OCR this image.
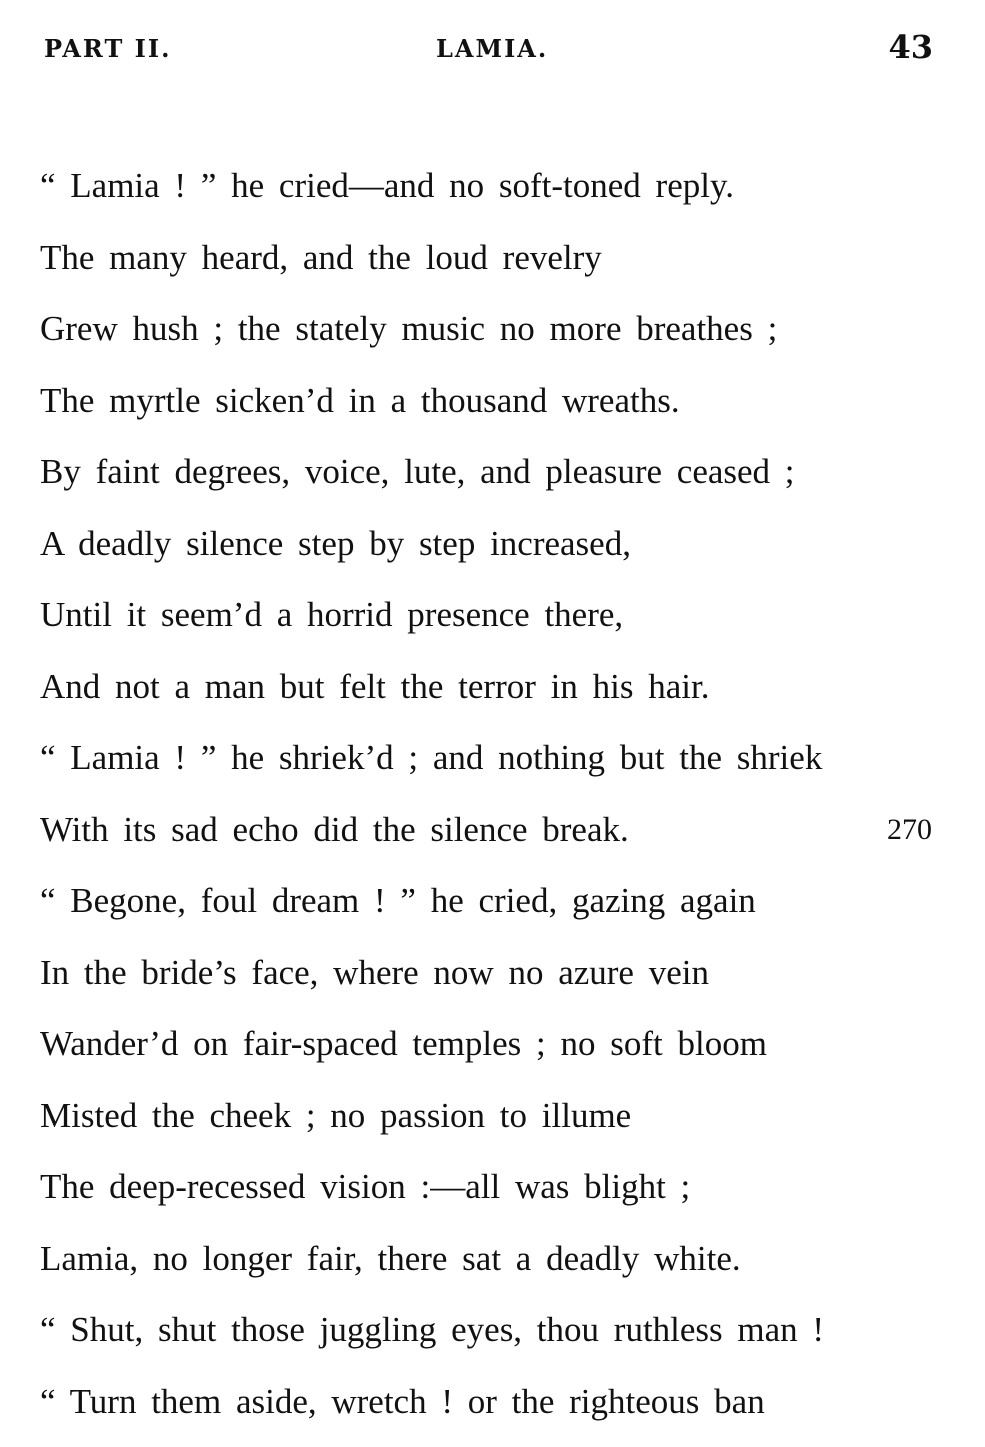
PART II.	LAMIA.	43
“ Lamia ! ” he cried—and no soft-toned reply.
The many heard, and the loud revelry
Grew hush ; the stately music no more breathes ;
The myrtle sicken’d in a thousand wreaths.
By faint degrees, voice, lute, and pleasure ceased ;
A deadly silence step by step increased,
Until it seem’d a horrid presence there,
And not a man but felt the terror in his hair.
“ Lamia ! ” he shriek’d ; and nothing but the shriek
With its sad echo did the silence break.	270
“ Begone, foul dream ! ” he cried, gazing again
In the bride’s face, where now no azure vein
Wander’d on fair-spaced temples ; no soft bloom
Misted the cheek ; no passion to illume
The deep-recessed vision :—all was blight ;
Lamia, no longer fair, there sat a deadly white.
“ Shut, shut those juggling eyes, thou ruthless man !
“ Turn them aside, wretch ! or the righteous ban
